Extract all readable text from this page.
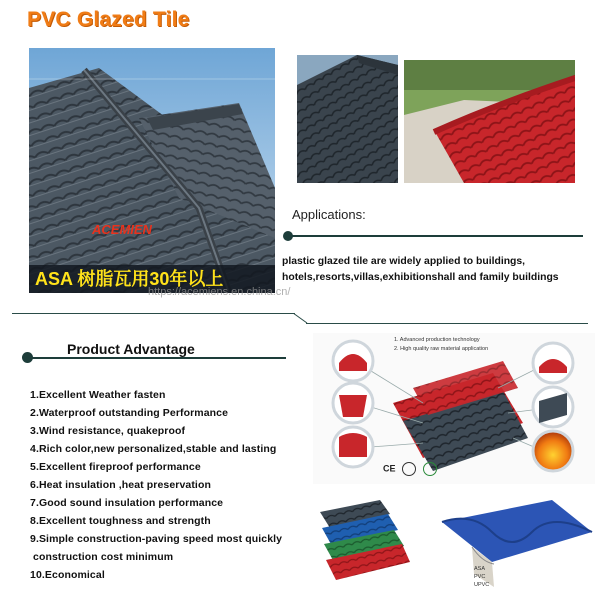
PVC Glazed Tile
ASA 树脂瓦用30年以上
ACEMIEN
Applications:
plastic glazed tile are widely applied to buildings, hotels,resorts,villas,exhibitionshall and family buildings
https://acemiens.en.china.cn/
Product Advantage
1.Excellent Weather fasten
2.Waterproof outstanding Performance
3.Wind resistance, quakeproof
4.Rich color,new personalized,stable and lasting
5.Excellent fireproof performance
6.Heat insulation ,heat preservation
7.Good sound insulation performance
8.Excellent toughness and strength
9.Simple construction-paving speed most quickly
construction cost minimum
10.Economical
1. Advanced production technology
2. High quality raw material application
CE
ASA
PVC
UPVC
